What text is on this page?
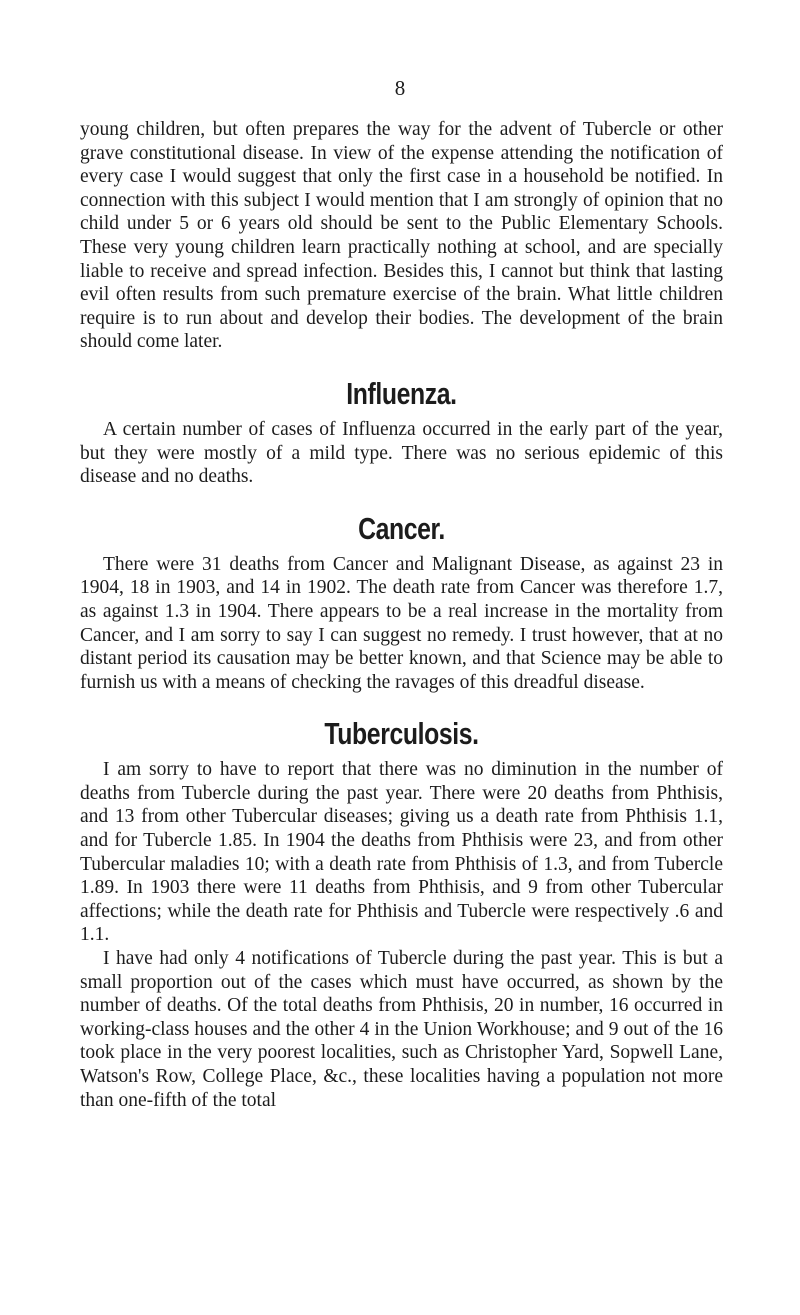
8

young children, but often prepares the way for the advent of Tubercle or other grave constitutional disease. In view of the expense attending the notification of every case I would suggest that only the first case in a household be notified. In connection with this subject I would mention that I am strongly of opinion that no child under 5 or 6 years old should be sent to the Public Elementary Schools. These very young children learn practically nothing at school, and are specially liable to receive and spread infection. Besides this, I cannot but think that lasting evil often results from such premature exercise of the brain. What little children require is to run about and develop their bodies. The development of the brain should come later.

Influenza.

A certain number of cases of Influenza occurred in the early part of the year, but they were mostly of a mild type. There was no serious epidemic of this disease and no deaths.

Cancer.

There were 31 deaths from Cancer and Malignant Disease, as against 23 in 1904, 18 in 1903, and 14 in 1902. The death rate from Cancer was therefore 1.7, as against 1.3 in 1904. There appears to be a real increase in the mortality from Cancer, and I am sorry to say I can suggest no remedy. I trust however, that at no distant period its causation may be better known, and that Science may be able to furnish us with a means of checking the ravages of this dreadful disease.

Tuberculosis.

I am sorry to have to report that there was no diminution in the number of deaths from Tubercle during the past year. There were 20 deaths from Phthisis, and 13 from other Tubercular diseases; giving us a death rate from Phthisis 1.1, and for Tubercle 1.85. In 1904 the deaths from Phthisis were 23, and from other Tubercular maladies 10; with a death rate from Phthisis of 1.3, and from Tubercle 1.89. In 1903 there were 11 deaths from Phthisis, and 9 from other Tubercular affections; while the death rate for Phthisis and Tubercle were respectively .6 and 1.1.

I have had only 4 notifications of Tubercle during the past year. This is but a small proportion out of the cases which must have occurred, as shown by the number of deaths. Of the total deaths from Phthisis, 20 in number, 16 occurred in working-class houses and the other 4 in the Union Workhouse; and 9 out of the 16 took place in the very poorest localities, such as Christopher Yard, Sopwell Lane, Watson's Row, College Place, &c., these localities having a population not more than one-fifth of the total
